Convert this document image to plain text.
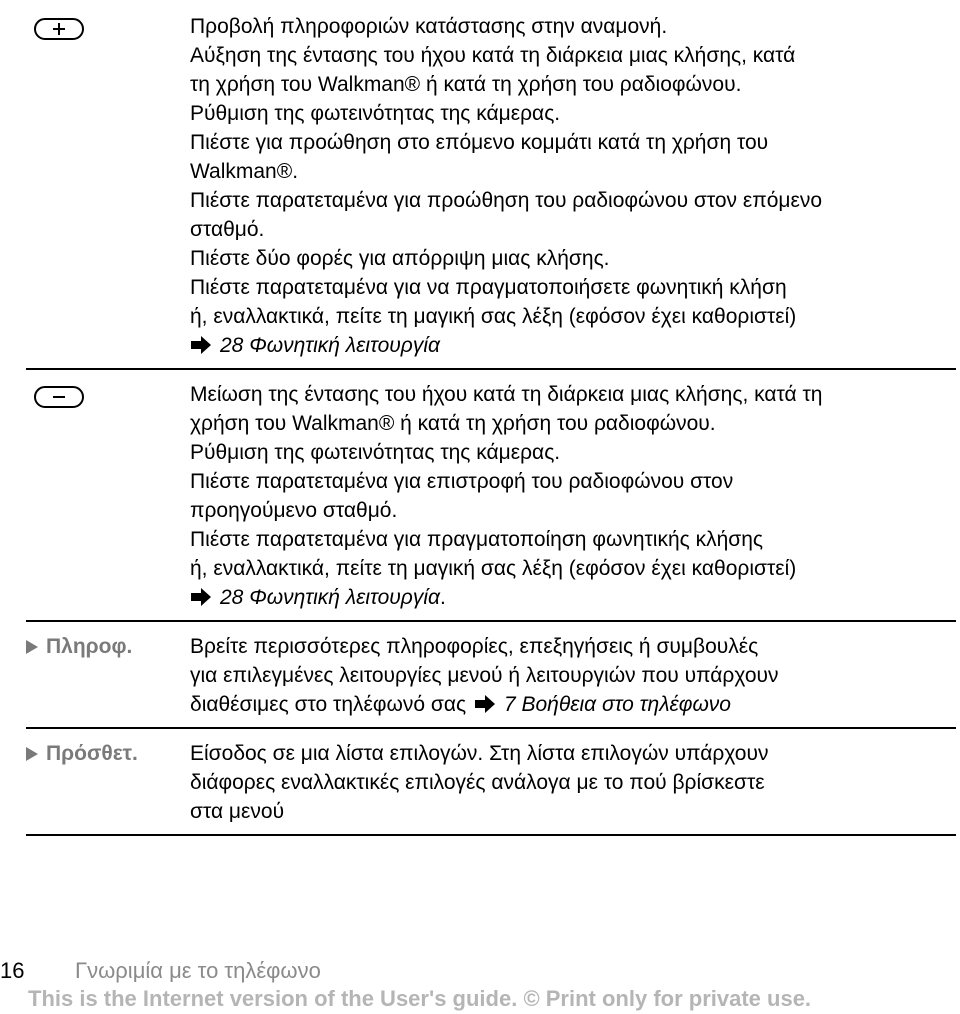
Προβολή πληροφοριών κατάστασης στην αναμονή.
Αύξηση της έντασης του ήχου κατά τη διάρκεια μιας κλήσης, κατά
τη χρήση του Walkman® ή κατά τη χρήση του ραδιοφώνου.
Ρύθμιση της φωτεινότητας της κάμερας.
Πιέστε για προώθηση στο επόμενο κομμάτι κατά τη χρήση του
Walkman®.
Πιέστε παρατεταμένα για προώθηση του ραδιοφώνου στον επόμενο
σταθμό.
Πιέστε δύο φορές για απόρριψη μιας κλήσης.
Πιέστε παρατεταμένα για να πραγματοποιήσετε φωνητική κλήση
ή, εναλλακτικά, πείτε τη μαγική σας λέξη (εφόσον έχει καθοριστεί)
28 Φωνητική λειτουργία
Μείωση της έντασης του ήχου κατά τη διάρκεια μιας κλήσης, κατά τη
χρήση του Walkman® ή κατά τη χρήση του ραδιοφώνου.
Ρύθμιση της φωτεινότητας της κάμερας.
Πιέστε παρατεταμένα για επιστροφή του ραδιοφώνου στον
προηγούμενο σταθμό.
Πιέστε παρατεταμένα για πραγματοποίηση φωνητικής κλήσης
ή, εναλλακτικά, πείτε τη μαγική σας λέξη (εφόσον έχει καθοριστεί)
28 Φωνητική λειτουργία.
Πληροφ.	Βρείτε περισσότερες πληροφορίες, επεξηγήσεις ή συμβουλές
για επιλεγμένες λειτουργίες μενού ή λειτουργιών που υπάρχουν
διαθέσιμες στο τηλέφωνό σας 7 Βοήθεια στο τηλέφωνο
Πρόσθετ. Είσοδος σε μια λίστα επιλογών. Στη λίστα επιλογών υπάρχουν
διάφορες εναλλακτικές επιλογές ανάλογα με το πού βρίσκεστε
στα μενού
16 Γνωριμία με το τηλέφωνο
This is the Internet version of the User's guide. © Print only for private use.
